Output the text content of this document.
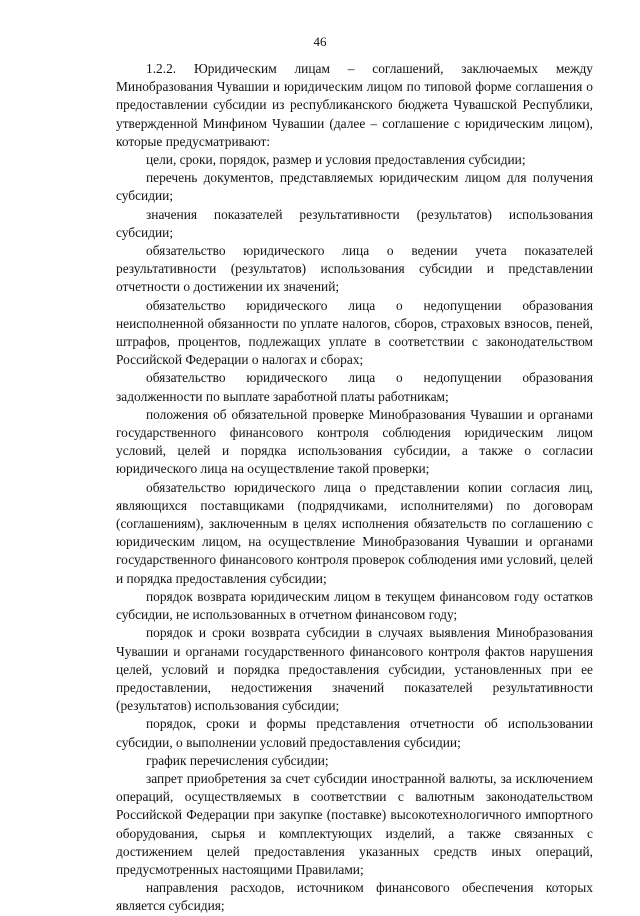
46

1.2.2. Юридическим лицам – соглашений, заключаемых между Минобразования Чувашии и юридическим лицом по типовой форме соглашения о предоставлении субсидии из республиканского бюджета Чувашской Республики, утвержденной Минфином Чувашии (далее – соглашение с юридическим лицом), которые предусматривают:

цели, сроки, порядок, размер и условия предоставления субсидии;

перечень документов, представляемых юридическим лицом для получения субсидии;

значения показателей результативности (результатов) использования субсидии;

обязательство юридического лица о ведении учета показателей результативности (результатов) использования субсидии и представлении отчетности о достижении их значений;

обязательство юридического лица о недопущении образования неисполненной обязанности по уплате налогов, сборов, страховых взносов, пеней, штрафов, процентов, подлежащих уплате в соответствии с законодательством Российской Федерации о налогах и сборах;

обязательство юридического лица о недопущении образования задолженности по выплате заработной платы работникам;

положения об обязательной проверке Минобразования Чувашии и органами государственного финансового контроля соблюдения юридическим лицом условий, целей и порядка использования субсидии, а также о согласии юридического лица на осуществление такой проверки;

обязательство юридического лица о представлении копии согласия лиц, являющихся поставщиками (подрядчиками, исполнителями) по договорам (соглашениям), заключенным в целях исполнения обязательств по соглашению с юридическим лицом, на осуществление Минобразования Чувашии и органами государственного финансового контроля проверок соблюдения ими условий, целей и порядка предоставления субсидии;

порядок возврата юридическим лицом в текущем финансовом году остатков субсидии, не использованных в отчетном финансовом году;

порядок и сроки возврата субсидии в случаях выявления Минобразования Чувашии и органами государственного финансового контроля фактов нарушения целей, условий и порядка предоставления субсидии, установленных при ее предоставлении, недостижения значений показателей результативности (результатов) использования субсидии;

порядок, сроки и формы представления отчетности об использовании субсидии, о выполнении условий предоставления субсидии;

график перечисления субсидии;

запрет приобретения за счет субсидии иностранной валюты, за исключением операций, осуществляемых в соответствии с валютным законодательством Российской Федерации при закупке (поставке) высокотехнологичного импортного оборудования, сырья и комплектующих изделий, а также связанных с достижением целей предоставления указанных средств иных операций, предусмотренных настоящими Правилами;

направления расходов, источником финансового обеспечения которых является субсидия;
